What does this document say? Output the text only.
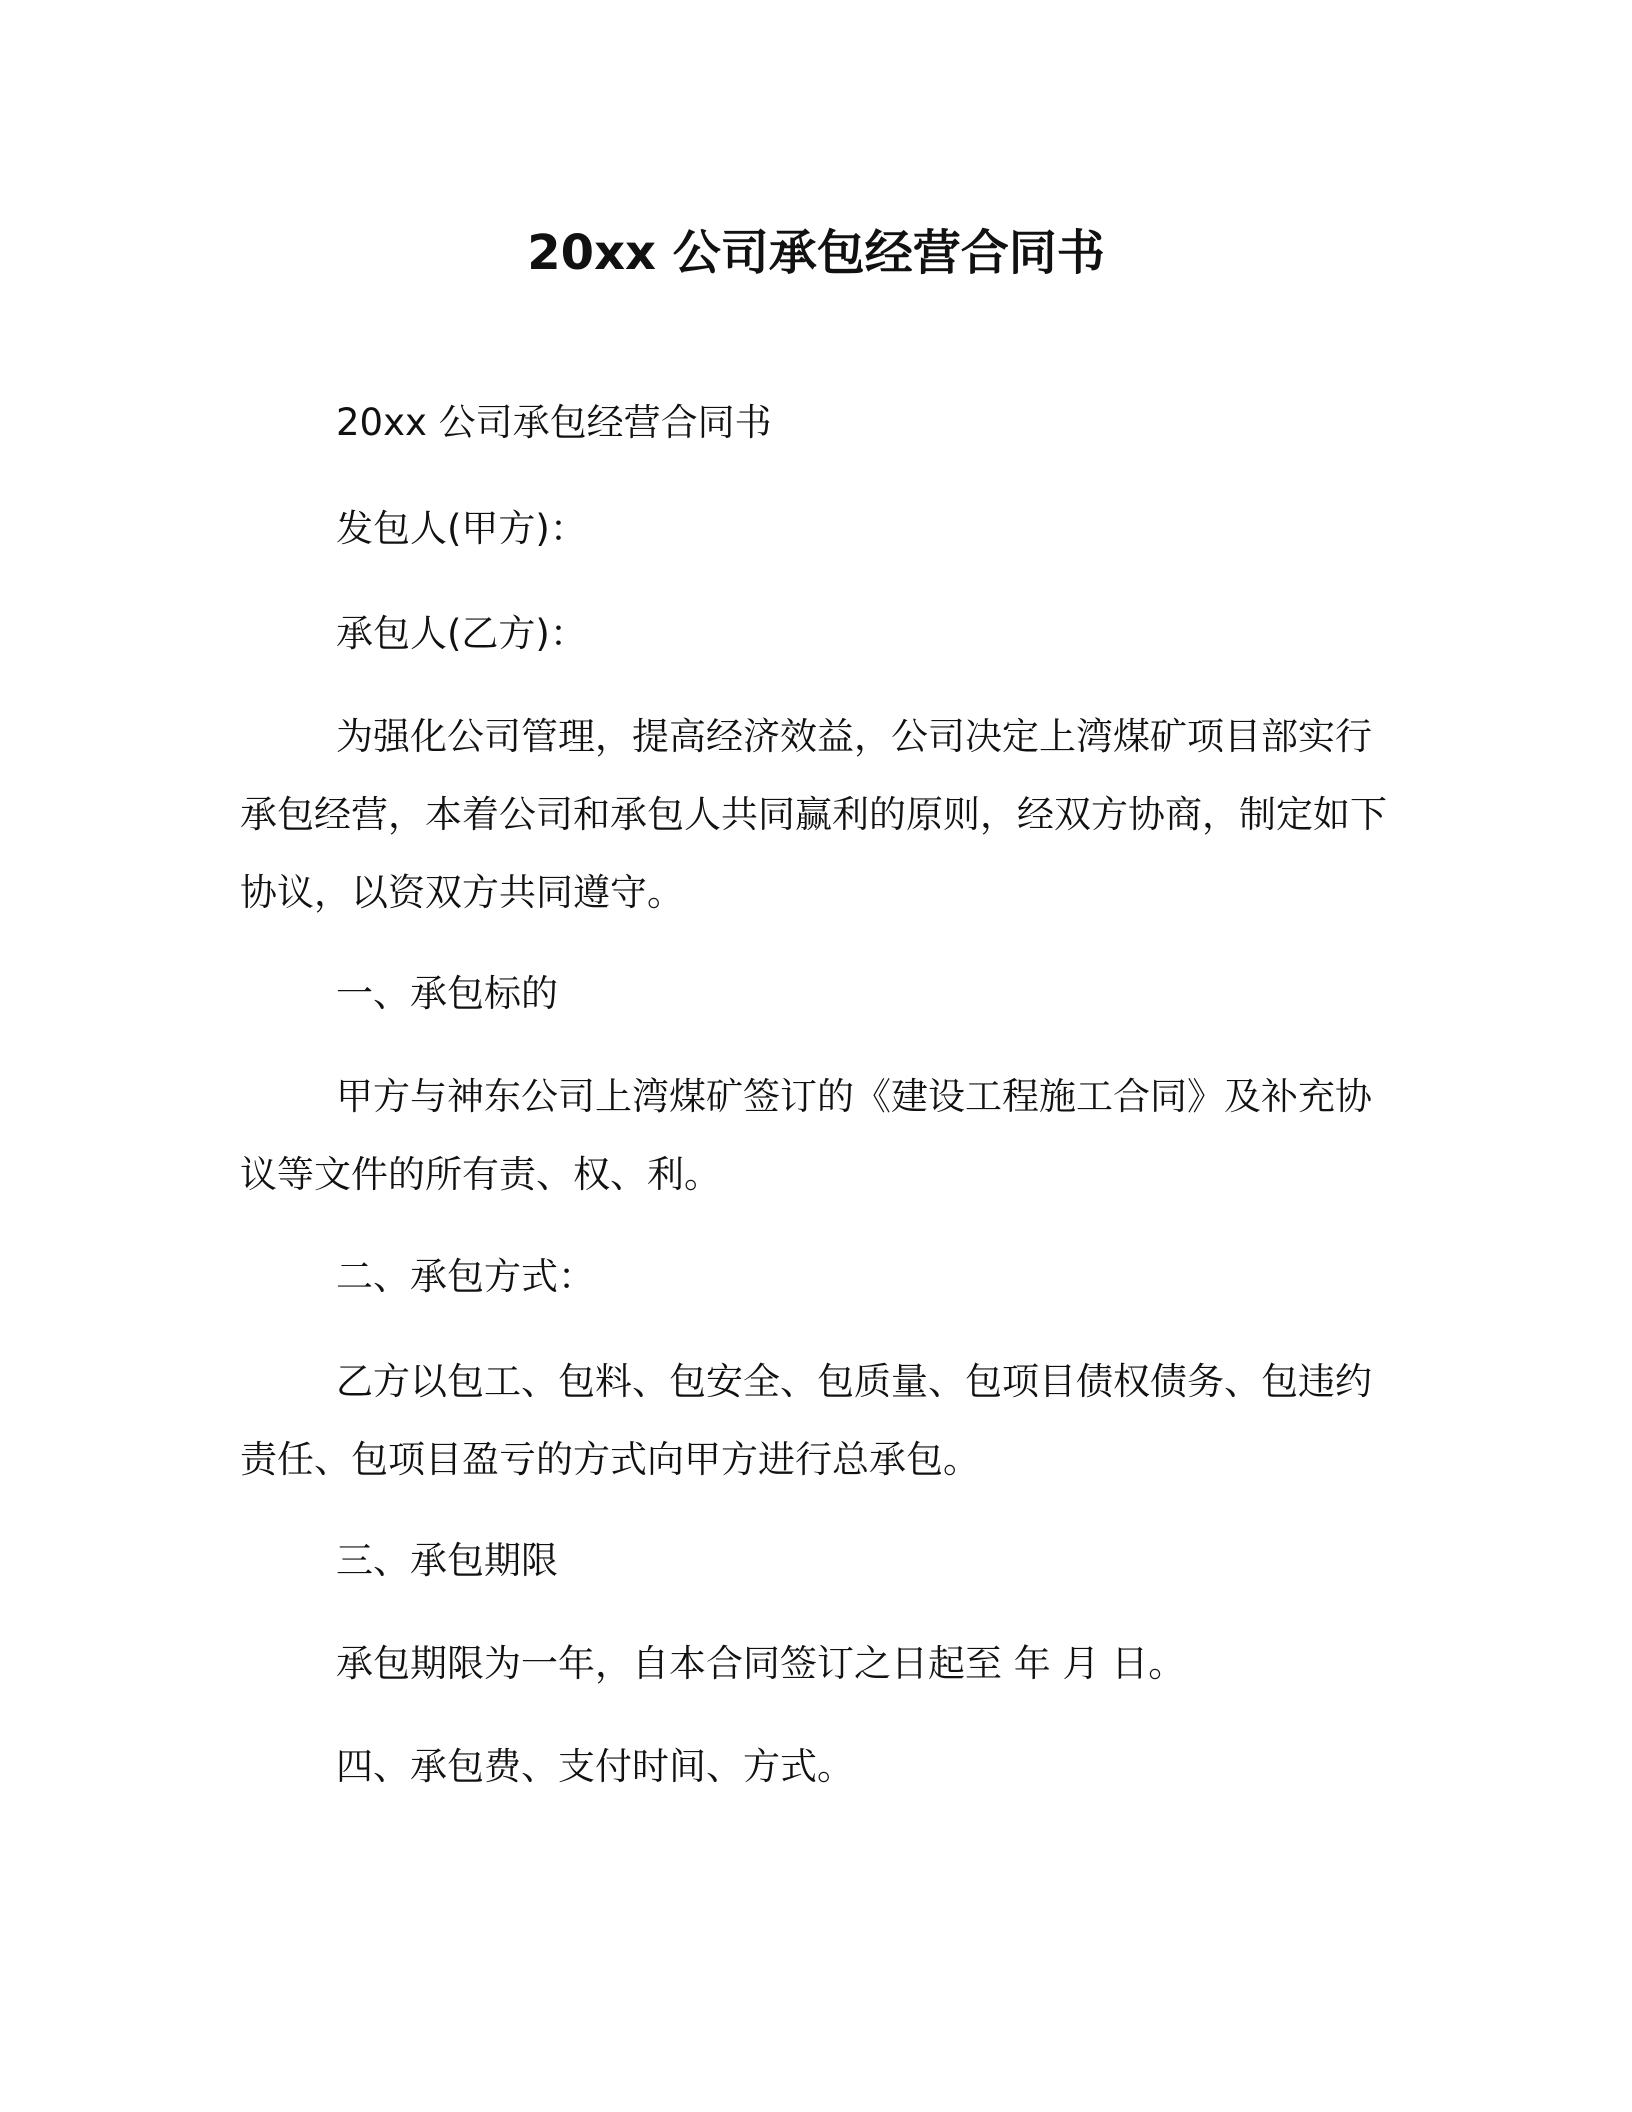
20xx 公司承包经营合同书

20xx 公司承包经营合同书

发包人(甲方)：

承包人(乙方)：

为强化公司管理，提高经济效益，公司决定上湾煤矿项目部实行承包经营，本着公司和承包人共同赢利的原则，经双方协商，制定如下协议，以资双方共同遵守。

一、承包标的

甲方与神东公司上湾煤矿签订的《建设工程施工合同》及补充协议等文件的所有责、权、利。

二、承包方式：

乙方以包工、包料、包安全、包质量、包项目债权债务、包违约责任、包项目盈亏的方式向甲方进行总承包。

三、承包期限

承包期限为一年，自本合同签订之日起至 年 月 日。

四、承包费、支付时间、方式。
